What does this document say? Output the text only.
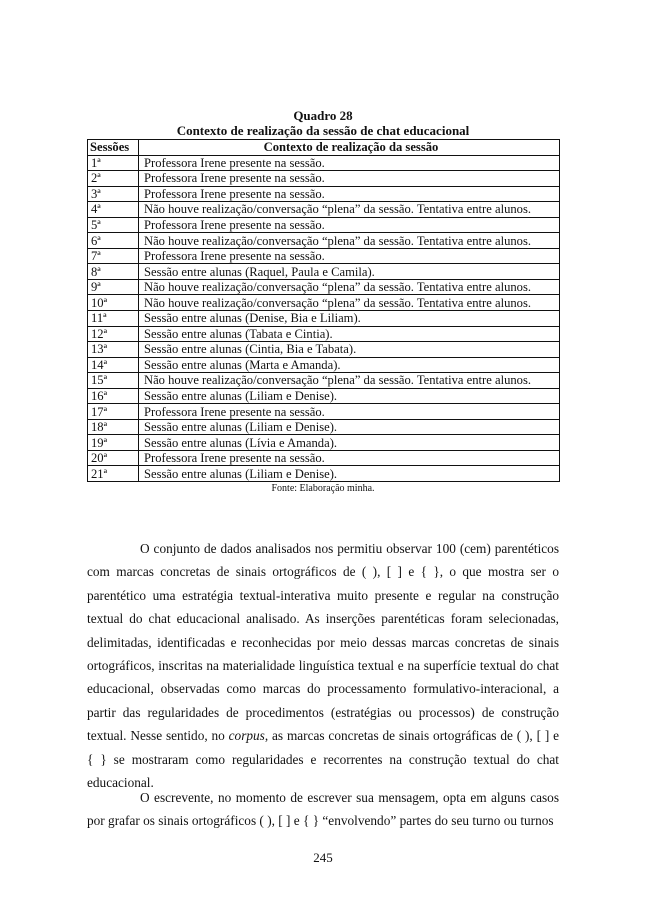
Quadro 28
Contexto de realização da sessão de chat educacional
Sessões	Contexto de realização da sessão
1ª	Professora Irene presente na sessão.
2ª	Professora Irene presente na sessão.
3ª	Professora Irene presente na sessão.
4ª	Não houve realização/conversação “plena” da sessão. Tentativa entre alunos.
5ª	Professora Irene presente na sessão.
6ª	Não houve realização/conversação “plena” da sessão. Tentativa entre alunos.
7ª	Professora Irene presente na sessão.
8ª	Sessão entre alunas (Raquel, Paula e Camila).
9ª	Não houve realização/conversação “plena” da sessão. Tentativa entre alunos.
10ª	Não houve realização/conversação “plena” da sessão. Tentativa entre alunos.
11ª	Sessão entre alunas (Denise, Bia e Liliam).
12ª	Sessão entre alunas (Tabata e Cintia).
13ª	Sessão entre alunas (Cintia, Bia e Tabata).
14ª	Sessão entre alunas (Marta e Amanda).
15ª	Não houve realização/conversação “plena” da sessão. Tentativa entre alunos.
16ª	Sessão entre alunas (Liliam e Denise).
17ª	Professora Irene presente na sessão.
18ª	Sessão entre alunas (Liliam e Denise).
19ª	Sessão entre alunas (Lívia e Amanda).
20ª	Professora Irene presente na sessão.
21ª	Sessão entre alunas (Liliam e Denise).
Fonte: Elaboração minha.

O conjunto de dados analisados nos permitiu observar 100 (cem) parentéticos com marcas concretas de sinais ortográficos de ( ), [ ] e { }, o que mostra ser o parentético uma estratégia textual-interativa muito presente e regular na construção textual do chat educacional analisado. As inserções parentéticas foram selecionadas, delimitadas, identificadas e reconhecidas por meio dessas marcas concretas de sinais ortográficos, inscritas na materialidade linguística textual e na superfície textual do chat educacional, observadas como marcas do processamento formulativo-interacional, a partir das regularidades de procedimentos (estratégias ou processos) de construção textual. Nesse sentido, no corpus, as marcas concretas de sinais ortográficas de ( ), [ ] e { } se mostraram como regularidades e recorrentes na construção textual do chat educacional.

O escrevente, no momento de escrever sua mensagem, opta em alguns casos por grafar os sinais ortográficos ( ), [ ] e { } “envolvendo” partes do seu turno ou turnos

245
